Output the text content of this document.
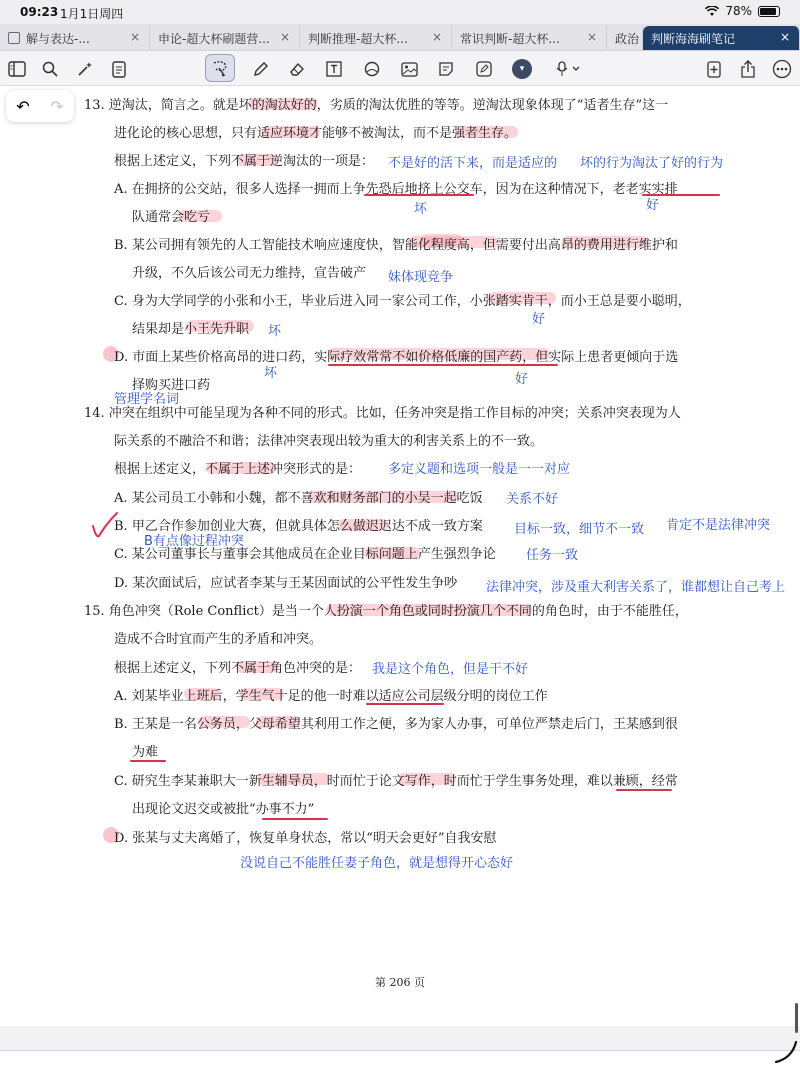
09:23 1月1日周四	78%
解与表达-...	× 申论-超大杯刷题营... × 判断推理-超大杯... × 常识判断-超大杯... × 政治 判断海海刷笔记	×
▾
↶ ↷ 13. 逆淘汰，简言之。就是坏的淘汰好的，劣质的淘汰优胜的等等。逆淘汰现象体现了“适者生存”这一
进化论的核心思想，只有适应环境才能够不被淘汰，而不是强者生存。
根据上述定义，下列不属于逆淘汰的一项是：
A. 在拥挤的公交站，很多人选择一拥而上争先恐后地挤上公交车，因为在这种情况下，老老实实排
队通常会吃亏
B. 某公司拥有领先的人工智能技术响应速度快，智能化程度高，但需要付出高昂的费用进行维护和
升级，不久后该公司无力维持，宣告破产
C. 身为大学同学的小张和小王，毕业后进入同一家公司工作，小张踏实肯干，而小王总是要小聪明，
结果却是小王先升职
D. 市面上某些价格高昂的进口药，实际疗效常常不如价格低廉的国产药，但实际上患者更倾向于选
择购买进口药
14. 冲突在组织中可能呈现为各种不同的形式。比如，任务冲突是指工作目标的冲突；关系冲突表现为人
际关系的不融洽不和谐；法律冲突表现出较为重大的利害关系上的不一致。
根据上述定义，不属于上述冲突形式的是：
A. 某公司员工小韩和小魏，都不喜欢和财务部门的小吴一起吃饭
B. 甲乙合作参加创业大赛，但就具体怎么做迟迟达不成一致方案
C. 某公司董事长与董事会其他成员在企业目标问题上产生强烈争论
D. 某次面试后，应试者李某与王某因面试的公平性发生争吵
15. 角色冲突（Role Conflict）是当一个人扮演一个角色或同时扮演几个不同的角色时，由于不能胜任，
造成不合时宜而产生的矛盾和冲突。
根据上述定义，下列不属于角色冲突的是：
A. 刘某毕业上班后，学生气十足的他一时难以适应公司层级分明的岗位工作
B. 王某是一名公务员，父母希望其利用工作之便，多为家人办事，可单位严禁走后门，王某感到很
为难
C. 研究生李某兼职大一新生辅导员，时而忙于论文写作，时而忙于学生事务处理，难以兼顾，经常
出现论文迟交或被批“办事不力”
D. 张某与丈夫离婚了，恢复单身状态，常以“明天会更好”自我安慰
不是好的活下来，而是适应的 坏的行为淘汰了好的行为
坏	好
妹体现竞争
好
坏
坏	好
管理学名词
多定义题和选项一般是一一对应
关系不好
目标一致，细节不一致 肯定不是法律冲突
B有点像过程冲突
任务一致
法律冲突，涉及重大利害关系了，谁都想让自己考上
我是这个角色，但是干不好
没说自己不能胜任妻子角色，就是想得开心态好
第 206 页
